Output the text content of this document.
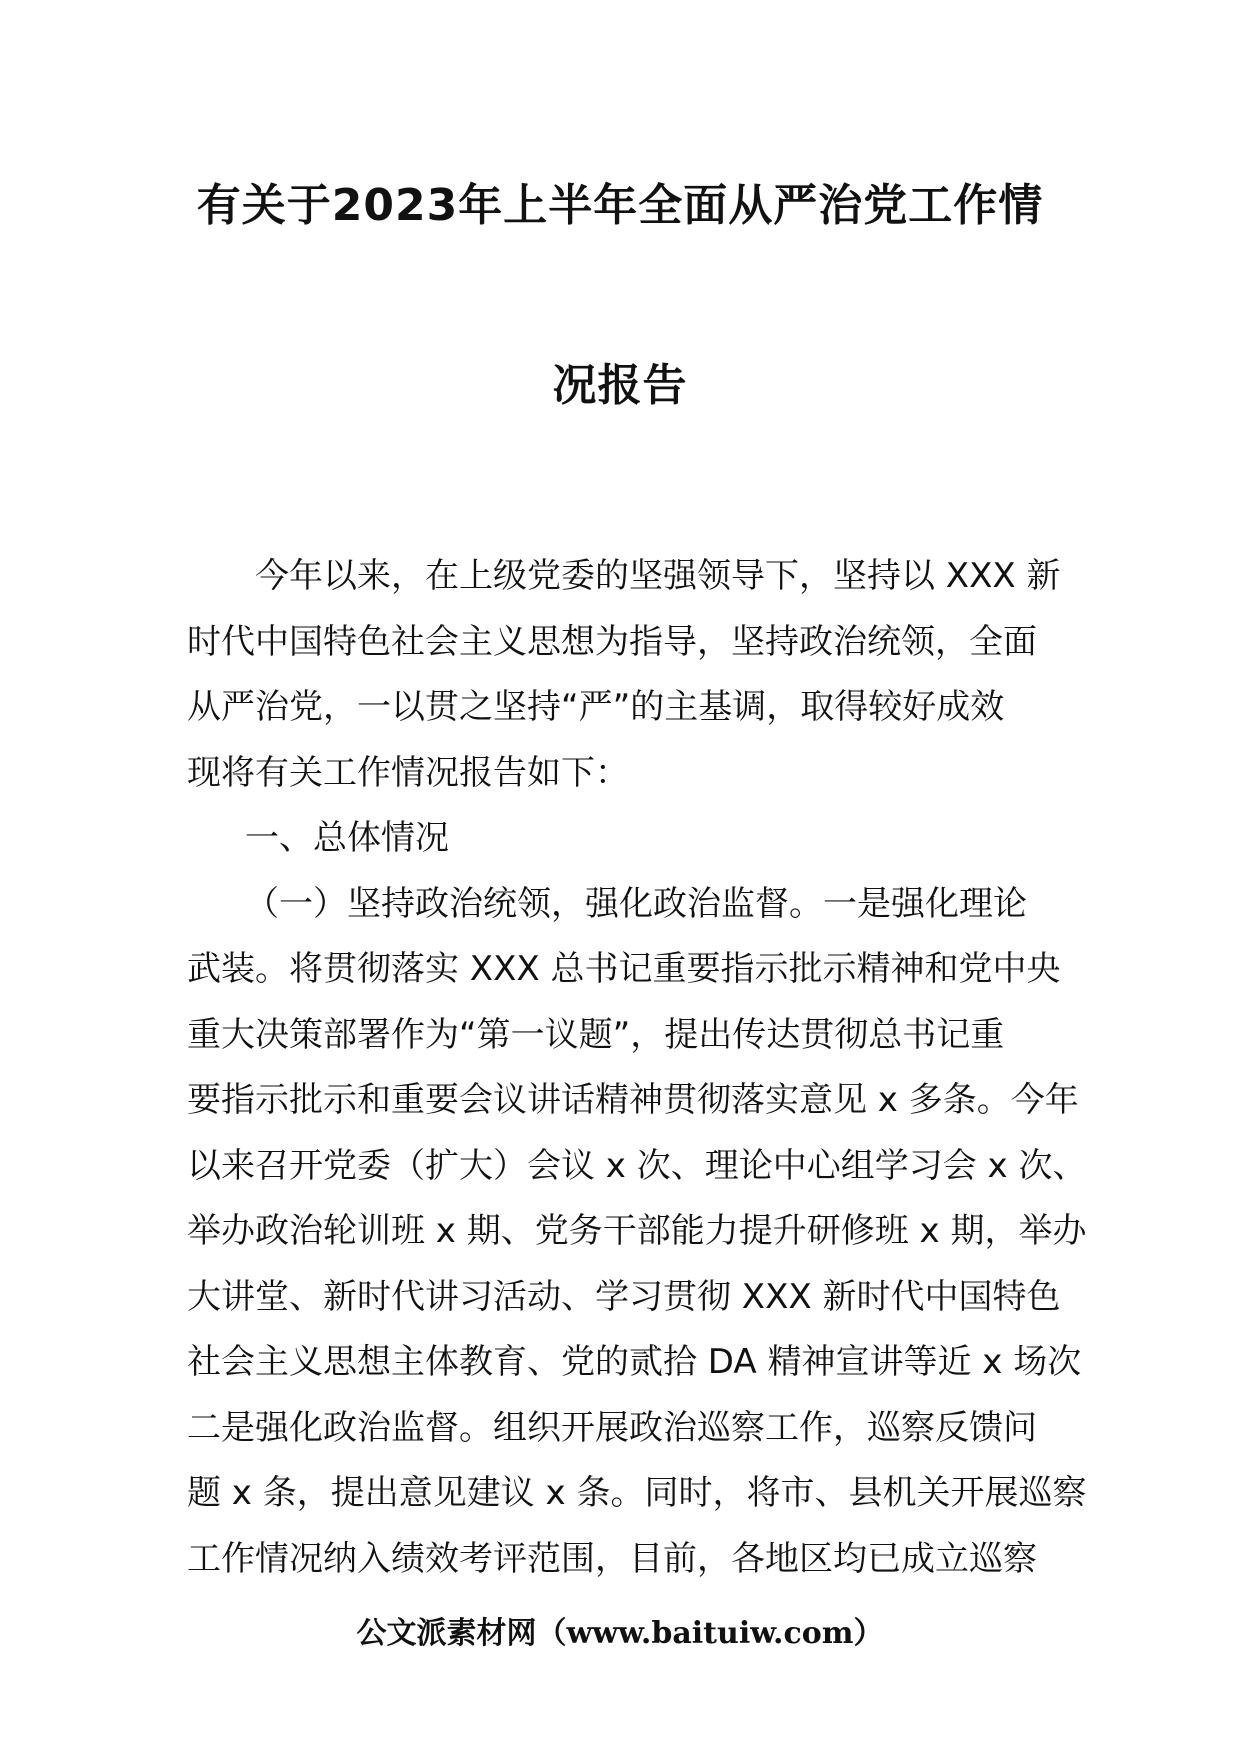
有关于2023年上半年全面从严治党工作情
况报告
今年以来，在上级党委的坚强领导下，坚持以 XXX 新
时代中国特色社会主义思想为指导，坚持政治统领，全面
从严治党，一以贯之坚持“严”的主基调，取得较好成效
现将有关工作情况报告如下：
一、总体情况
（一）坚持政治统领，强化政治监督。一是强化理论
武装。将贯彻落实 XXX 总书记重要指示批示精神和党中央
重大决策部署作为“第一议题”，提出传达贯彻总书记重
要指示批示和重要会议讲话精神贯彻落实意见 x 多条。今年
以来召开党委（扩大）会议 x 次、理论中心组学习会 x 次、
举办政治轮训班 x 期、党务干部能力提升研修班 x 期，举办
大讲堂、新时代讲习活动、学习贯彻 XXX 新时代中国特色
社会主义思想主体教育、党的贰拾 DA 精神宣讲等近 x 场次
二是强化政治监督。组织开展政治巡察工作，巡察反馈问
题 x 条，提出意见建议 x 条。同时，将市、县机关开展巡察
工作情况纳入绩效考评范围，目前，各地区均已成立巡察
公文派素材网（www.baituiw.com）
